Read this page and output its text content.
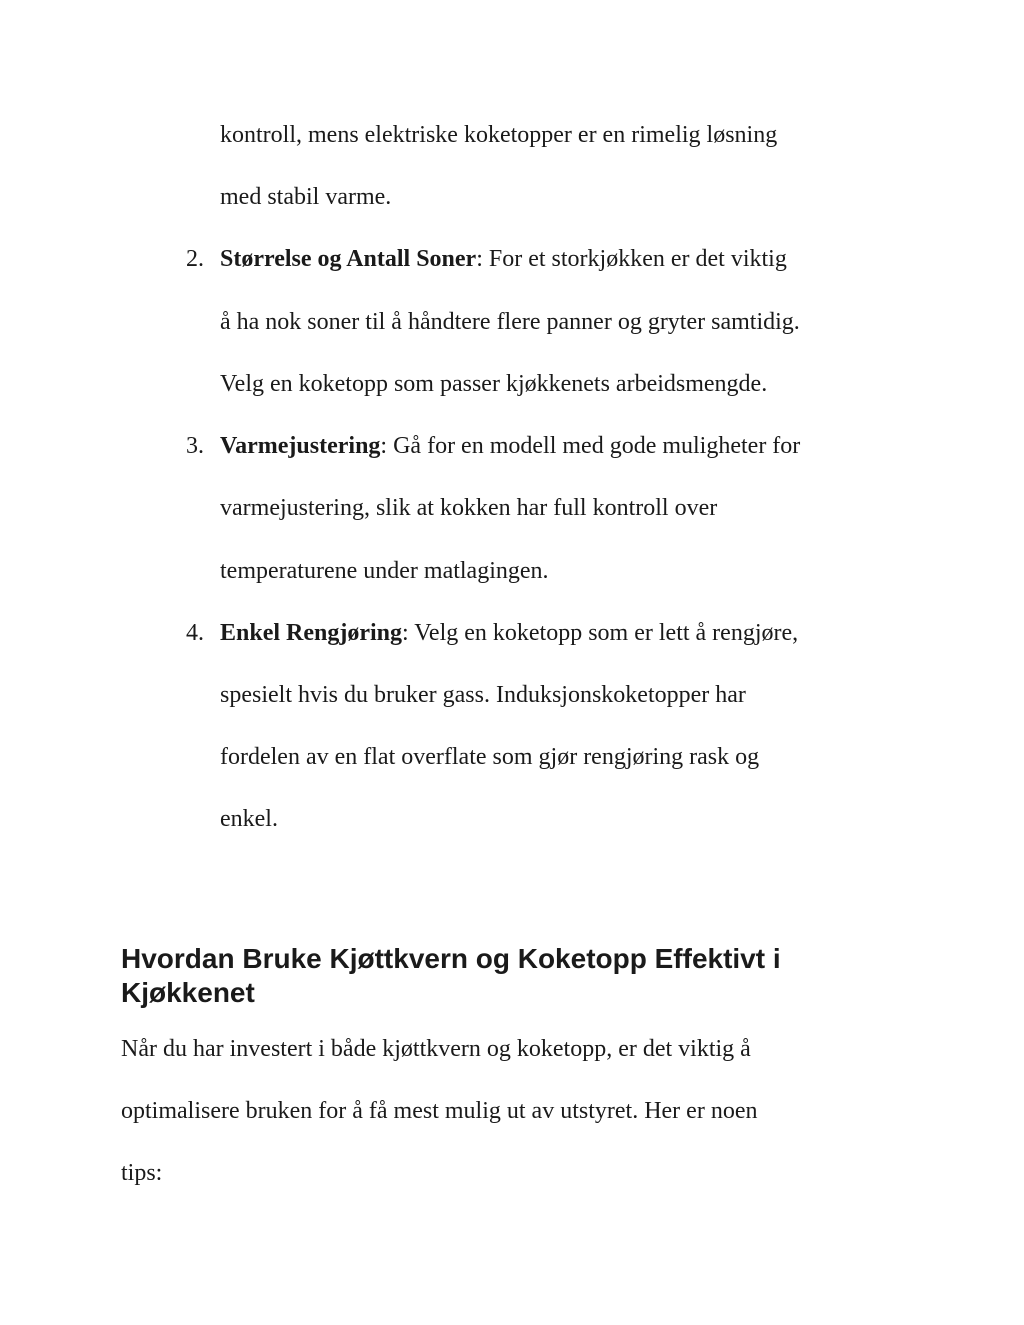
kontroll, mens elektriske koketopper er en rimelig løsning
med stabil varme.
2. Størrelse og Antall Soner: For et storkjøkken er det viktig
å ha nok soner til å håndtere flere panner og gryter samtidig.
Velg en koketopp som passer kjøkkenets arbeidsmengde.
3. Varmejustering: Gå for en modell med gode muligheter for
varmejustering, slik at kokken har full kontroll over
temperaturene under matlagingen.
4. Enkel Rengjøring: Velg en koketopp som er lett å rengjøre,
spesielt hvis du bruker gass. Induksjonskoketopper har
fordelen av en flat overflate som gjør rengjøring rask og
enkel.
Hvordan Bruke Kjøttkvern og Koketopp Effektivt i Kjøkkenet
Når du har investert i både kjøttkvern og koketopp, er det viktig å
optimalisere bruken for å få mest mulig ut av utstyret. Her er noen
tips:
